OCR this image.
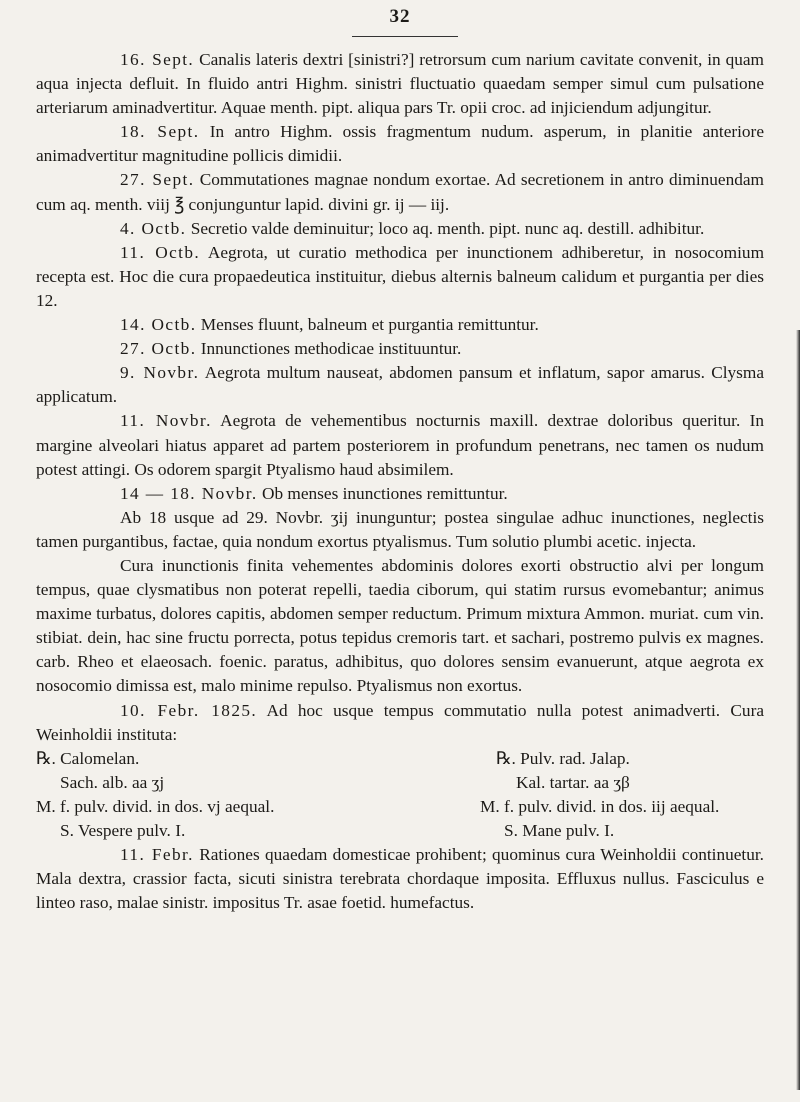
32

16. Sept. Canalis lateris dextri [sinistri?] retrorsum cum narium cavitate convenit, in quam aqua injecta defluit. In fluido antri Highm. sinistri fluctuatio quaedam semper simul cum pulsatione arteriarum aminadvertitur. Aquae menth. pipt. aliqua pars Tr. opii croc. ad injiciendum adjungitur.

18. Sept. In antro Highm. ossis fragmentum nudum. asperum, in planitie anteriore animadvertitur magnitudine pollicis dimidii.

27. Sept. Commutationes magnae nondum exortae. Ad secretionem in antro diminuendam cum aq. menth. viij ℥ conjunguntur lapid. divini gr. ij — iij.

4. Octb. Secretio valde deminuitur; loco aq. menth. pipt. nunc aq. destill. adhibitur.

11. Octb. Aegrota, ut curatio methodica per inunctionem adhiberetur, in nosocomium recepta est. Hoc die cura propaedeutica instituitur, diebus alternis balneum calidum et purgantia per dies 12.

14. Octb. Menses fluunt, balneum et purgantia remittuntur.

27. Octb. Innunctiones methodicae instituuntur.

9. Novbr. Aegrota multum nauseat, abdomen pansum et inflatum, sapor amarus. Clysma applicatum.

11. Novbr. Aegrota de vehementibus nocturnis maxill. dextrae doloribus queritur. In margine alveolari hiatus apparet ad partem posteriorem in profundum penetrans, nec tamen os nudum potest attingi. Os odorem spargit Ptyalismo haud absimilem.

14 — 18. Novbr. Ob menses inunctiones remittuntur.

Ab 18 usque ad 29. Novbr. ʒij inunguntur; postea singulae adhuc inunctiones, neglectis tamen purgantibus, factae, quia nondum exortus ptyalismus. Tum solutio plumbi acetic. injecta.

Cura inunctionis finita vehementes abdominis dolores exorti obstructio alvi per longum tempus, quae clysmatibus non poterat repelli, taedia ciborum, qui statim rursus evomebantur; animus maxime turbatus, dolores capitis, abdomen semper reductum. Primum mixtura Ammon. muriat. cum vin. stibiat. dein, hac sine fructu porrecta, potus tepidus cremoris tart. et sachari, postremo pulvis ex magnes. carb. Rheo et elaeosach. foenic. paratus, adhibitus, quo dolores sensim evanuerunt, atque aegrota ex nosocomio dimissa est, malo minime repulso. Ptyalismus non exortus.

10. Febr. 1825. Ad hoc usque tempus commutatio nulla potest animadverti. Cura Weinholdii instituta:

℞. Calomelan.	℞. Pulv. rad. Jalap.
Sach. alb. aa ʒj	Kal. tartar. aa ʒβ
M. f. pulv. divid. in dos. vj aequal.	M. f. pulv. divid. in dos. iij aequal.
S. Vespere pulv. I.	S. Mane pulv. I.

11. Febr. Rationes quaedam domesticae prohibent; quominus cura Weinholdii continuetur. Mala dextra, crassior facta, sicuti sinistra terebrata chordaque imposita. Effluxus nullus. Fasciculus e linteo raso, malae sinistr. impositus Tr. asae foetid. humefactus.
